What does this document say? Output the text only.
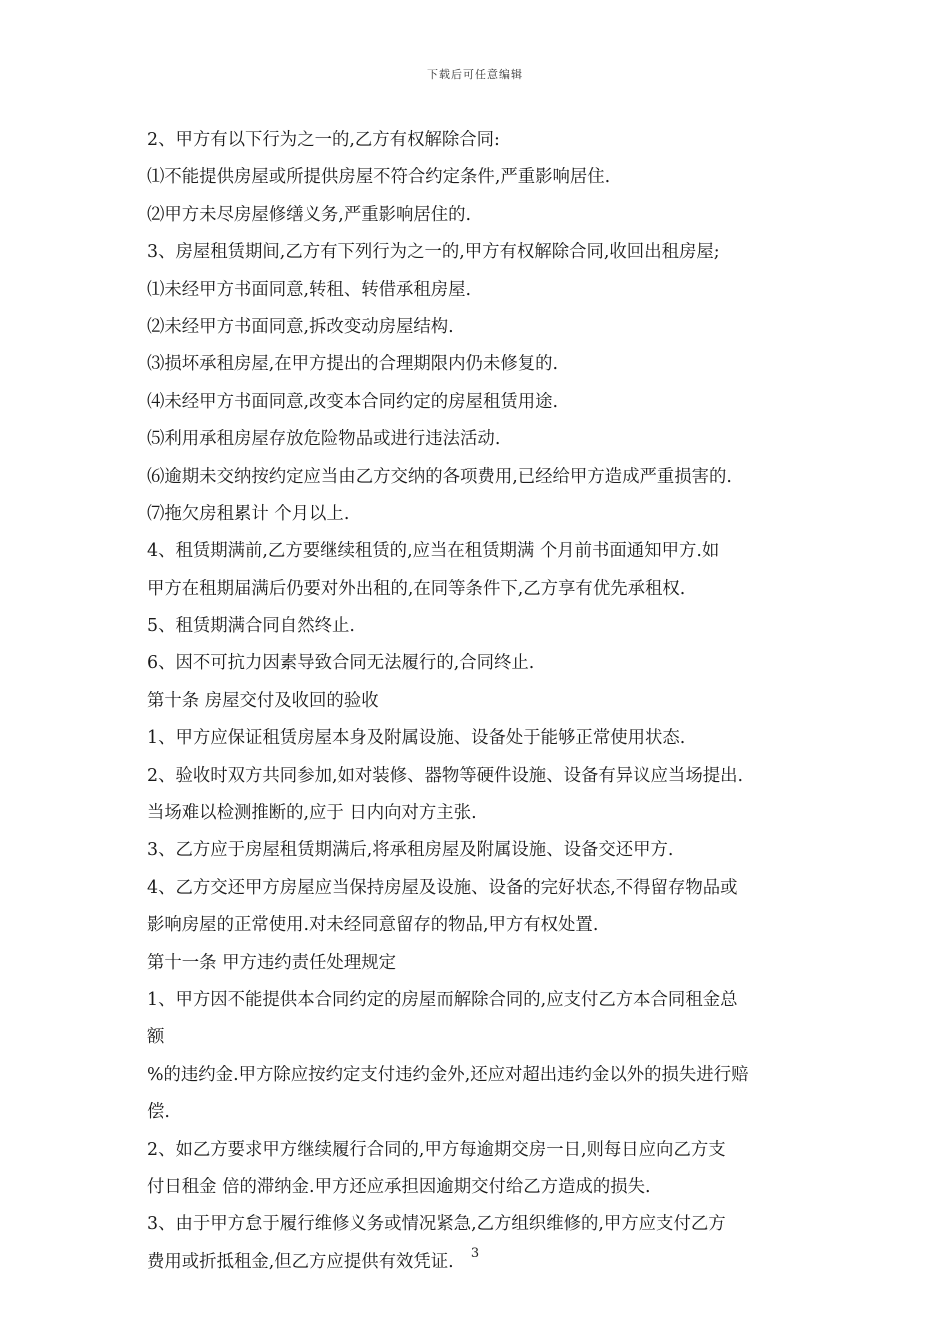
下载后可任意编辑
2、甲方有以下行为之一的,乙方有权解除合同:
⑴不能提供房屋或所提供房屋不符合约定条件,严重影响居住.
⑵甲方未尽房屋修缮义务,严重影响居住的.
3、房屋租赁期间,乙方有下列行为之一的,甲方有权解除合同,收回出租房屋;
⑴未经甲方书面同意,转租、转借承租房屋.
⑵未经甲方书面同意,拆改变动房屋结构.
⑶损坏承租房屋,在甲方提出的合理期限内仍未修复的.
⑷未经甲方书面同意,改变本合同约定的房屋租赁用途.
⑸利用承租房屋存放危险物品或进行违法活动.
⑹逾期未交纳按约定应当由乙方交纳的各项费用,已经给甲方造成严重损害的.
⑺拖欠房租累计 个月以上.
4、租赁期满前,乙方要继续租赁的,应当在租赁期满 个月前书面通知甲方.如
甲方在租期届满后仍要对外出租的,在同等条件下,乙方享有优先承租权.
5、租赁期满合同自然终止.
6、因不可抗力因素导致合同无法履行的,合同终止.
第十条 房屋交付及收回的验收
1、甲方应保证租赁房屋本身及附属设施、设备处于能够正常使用状态.
2、验收时双方共同参加,如对装修、器物等硬件设施、设备有异议应当场提出.
当场难以检测推断的,应于 日内向对方主张.
3、乙方应于房屋租赁期满后,将承租房屋及附属设施、设备交还甲方.
4、乙方交还甲方房屋应当保持房屋及设施、设备的完好状态,不得留存物品或
影响房屋的正常使用.对未经同意留存的物品,甲方有权处置.
第十一条 甲方违约责任处理规定
1、甲方因不能提供本合同约定的房屋而解除合同的,应支付乙方本合同租金总
额
%的违约金.甲方除应按约定支付违约金外,还应对超出违约金以外的损失进行赔
偿.
2、如乙方要求甲方继续履行合同的,甲方每逾期交房一日,则每日应向乙方支
付日租金 倍的滞纳金.甲方还应承担因逾期交付给乙方造成的损失.
3、由于甲方怠于履行维修义务或情况紧急,乙方组织维修的,甲方应支付乙方
费用或折抵租金,但乙方应提供有效凭证.	3
